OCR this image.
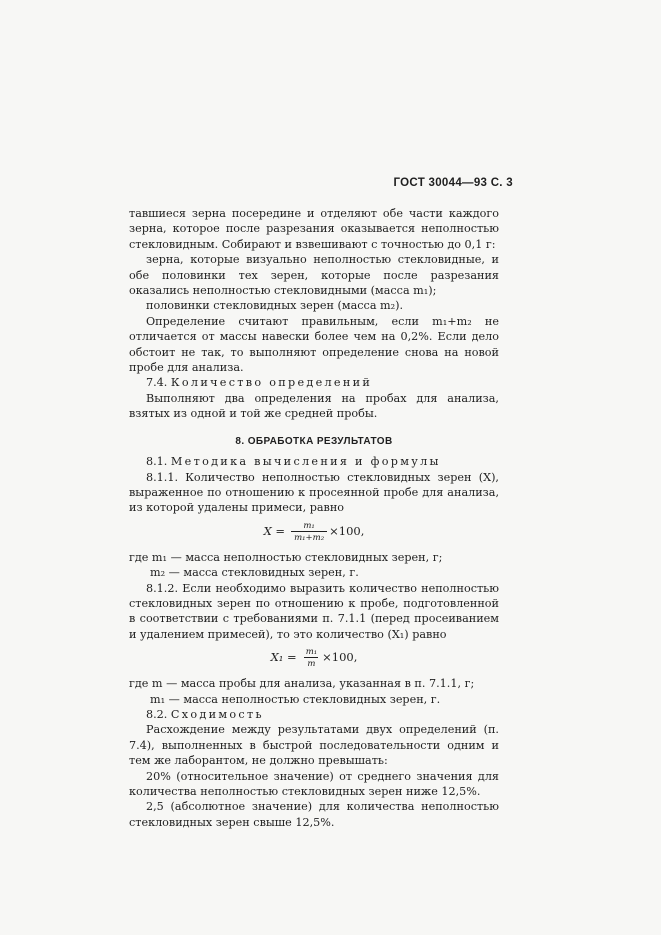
ГОСТ 30044—93 С. 3

тавшиеся зерна посередине и отделяют обе части каждого зерна, которое после разрезания оказывается неполностью стекловидным. Собирают и взвешивают с точностью до 0,1 г:

зерна, которые визуально неполностью стекловидные, и обе половинки тех зерен, которые после разрезания оказались неполностью стекловидными (масса m₁);

половинки стекловидных зерен (масса m₂).

Определение считают правильным, если m₁+m₂ не отличается от массы навески более чем на 0,2%. Если дело обстоит не так, то выполняют определение снова на новой пробе для анализа.

7.4. Количество определений

Выполняют два определения на пробах для анализа, взятых из одной и той же средней пробы.

8. ОБРАБОТКА РЕЗУЛЬТАТОВ

8.1. Методика вычисления и формулы

8.1.1. Количество неполностью стекловидных зерен (X), выраженное по отношению к просеянной пробе для анализа, из которой удалены примеси, равно

$X = \frac{\text{m₁}}{\text{m₁+m₂}} \times 100$,

где m₁ — масса неполностью стекловидных зерен, г;

m₂ — масса стекловидных зерен, г.

8.1.2. Если необходимо выразить количество неполностью стекловидных зерен по отношению к пробе, подготовленной в соответствии с требованиями п. 7.1.1 (перед просеиванием и удалением примесей), то это количество (X₁) равно

$X_1 = \frac{\text{m₁}}{m} \times 100$,

где m — масса пробы для анализа, указанная в п. 7.1.1, г;

m₁ — масса неполностью стекловидных зерен, г.

8.2. Сходимость

Расхождение между результатами двух определений (п. 7.4), выполненных в быстрой последовательности одним и тем же лаборантом, не должно превышать:

20% (относительное значение) от среднего значения для количества неполностью стекловидных зерен ниже 12,5%.

2,5 (абсолютное значение) для количества неполностью стекловидных зерен свыше 12,5%.
